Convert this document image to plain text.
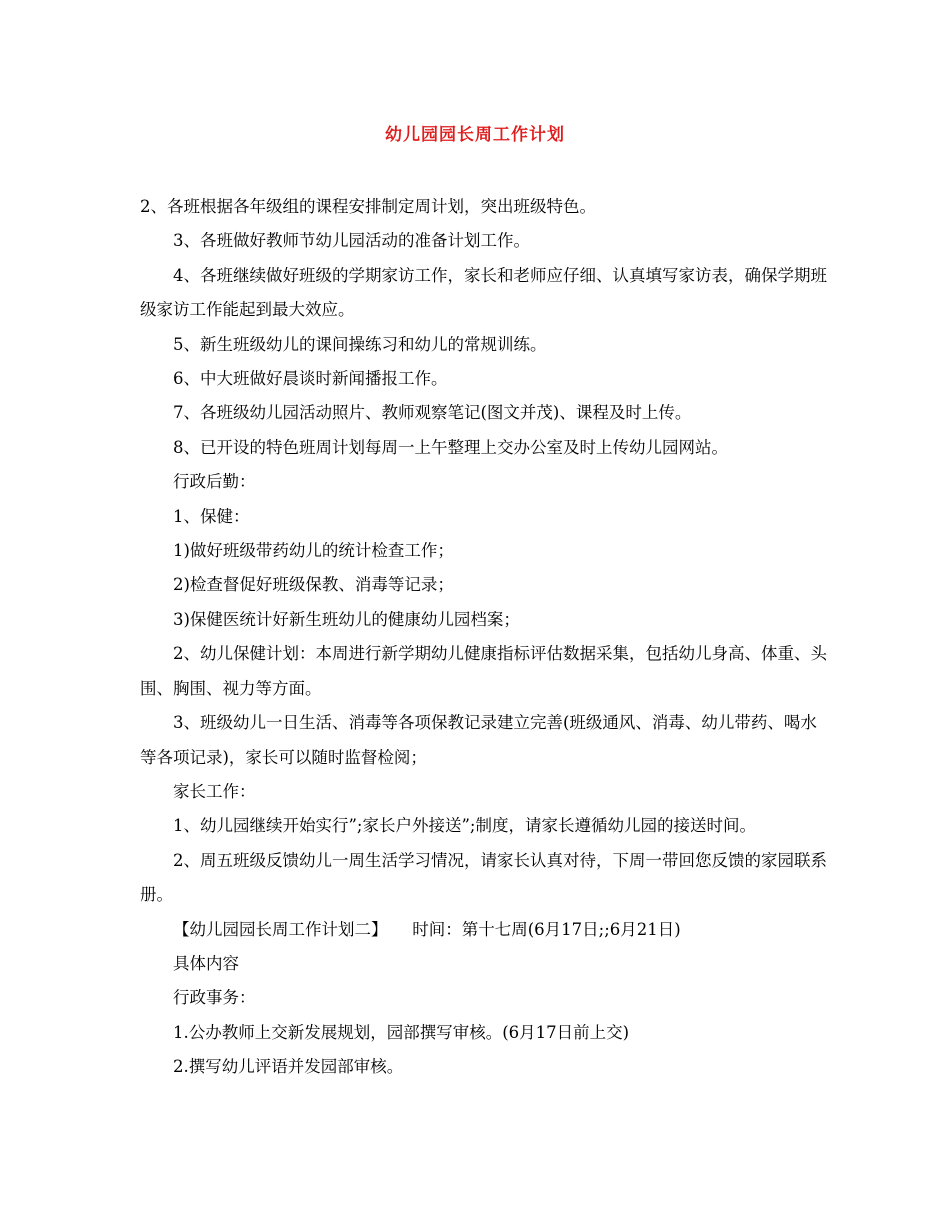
幼儿园园长周工作计划

2、各班根据各年级组的课程安排制定周计划，突出班级特色。

3、各班做好教师节幼儿园活动的准备计划工作。

4、各班继续做好班级的学期家访工作，家长和老师应仔细、认真填写家访表，确保学期班级家访工作能起到最大效应。

5、新生班级幼儿的课间操练习和幼儿的常规训练。

6、中大班做好晨谈时新闻播报工作。

7、各班级幼儿园活动照片、教师观察笔记(图文并茂)、课程及时上传。

8、已开设的特色班周计划每周一上午整理上交办公室及时上传幼儿园网站。

行政后勤：

1、保健：

1)做好班级带药幼儿的统计检查工作；

2)检查督促好班级保教、消毒等记录；

3)保健医统计好新生班幼儿的健康幼儿园档案；

2、幼儿保健计划：本周进行新学期幼儿健康指标评估数据采集，包括幼儿身高、体重、头围、胸围、视力等方面。

3、班级幼儿一日生活、消毒等各项保教记录建立完善(班级通风、消毒、幼儿带药、喝水等各项记录)，家长可以随时监督检阅；

家长工作：

1、幼儿园继续开始实行”;家长户外接送”;制度，请家长遵循幼儿园的接送时间。

2、周五班级反馈幼儿一周生活学习情况，请家长认真对待，下周一带回您反馈的家园联系册。

【幼儿园园长周工作计划二】　　时间：第十七周(6月17日;;6月21日)

具体内容

行政事务：

1.公办教师上交新发展规划，园部撰写审核。(6月17日前上交)

2.撰写幼儿评语并发园部审核。
